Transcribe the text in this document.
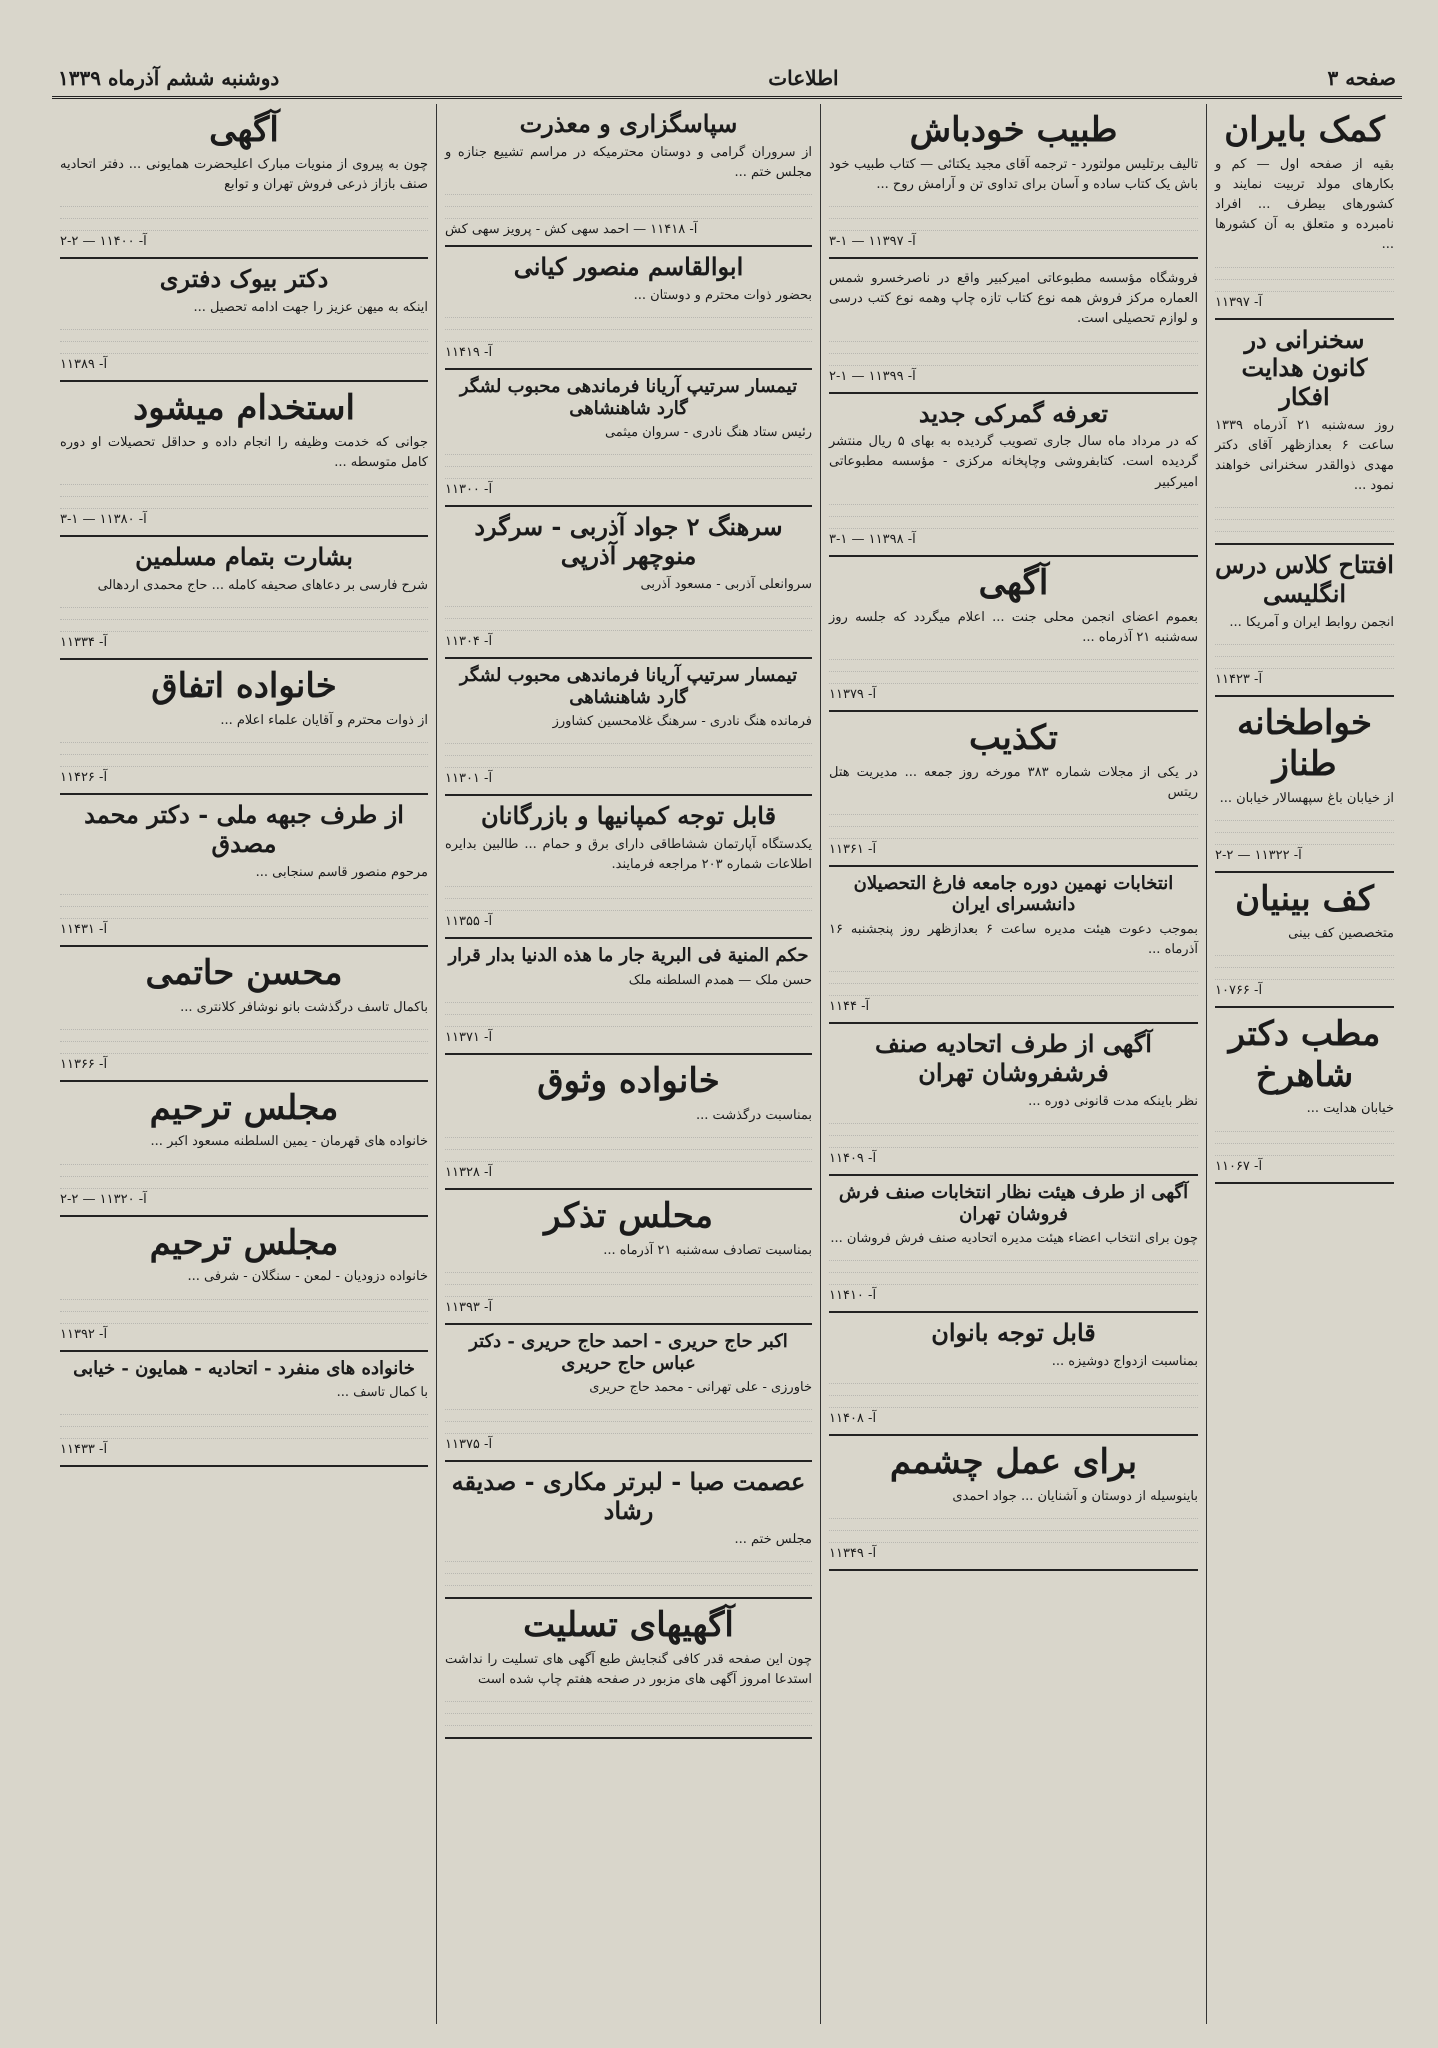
صفحه ۳
اطلاعات
دوشنبه ششم آذرماه ۱۳۳۹
کمک بایران
بقیه از صفحه اول — کم و بکارهای مولد تربیت نمایند و کشورهای بیطرف ... افراد نامبرده و متعلق به آن کشورها ...
آ- ۱۱۳۹۷
سخنرانی در کانون هدایت افکار
روز سه‌شنبه ۲۱ آذرماه ۱۳۳۹ ساعت ۶ بعدازظهر آقای دکتر مهدی ذوالقدر سخنرانی خواهند نمود ...
افتتاح کلاس درس انگلیسی
انجمن روابط ایران و آمریکا ...
آ- ۱۱۴۲۳
خواطخانه طناز
از خیابان باغ سپهسالار خیابان ...
آ- ۱۱۳۲۲ — ۲-۲
کف بینیان
متخصصین کف بینی
آ- ۱۰۷۶۶
مطب دکتر شاهرخ
خیابان هدایت ...
آ- ۱۱۰۶۷
طبیب خودباش
تالیف برتلیس مولتورد - ترجمه آقای مجید یکتائی — کتاب طبیب خود باش یک کتاب ساده و آسان برای تداوی تن و آرامش روح ...
آ- ۱۱۳۹۷ — ۱-۳
فروشگاه مؤسسه مطبوعاتی امیرکبیر واقع در ناصرخسرو شمس العماره مرکز فروش همه نوع کتاب تازه چاپ وهمه نوع کتب درسی و لوازم تحصیلی است.
آ- ۱۱۳۹۹ — ۱-۲
تعرفه گمرکی جدید
که در مرداد ماه سال جاری تصویب گردیده به بهای ۵ ریال منتشر گردیده است. کتابفروشی وچاپخانه مرکزی - مؤسسه مطبوعاتی امیرکبیر
آ- ۱۱۳۹۸ — ۱-۳
آگهی
بعموم اعضای انجمن محلی جنت ... اعلام میگردد که جلسه روز سه‌شنبه ۲۱ آذرماه ...
آ- ۱۱۳۷۹
تکذیب
در یکی از مجلات شماره ۳۸۳ مورخه روز جمعه ... مدیریت هتل ریتس
آ- ۱۱۳۶۱
انتخابات نهمین دوره جامعه فارغ التحصیلان دانشسرای ایران
بموجب دعوت هیئت مدیره ساعت ۶ بعدازظهر روز پنجشنبه ۱۶ آذرماه ...
آ- ۱۱۴۴
آگهی از طرف اتحادیه صنف فرشفروشان تهران
نظر باینکه مدت قانونی دوره ...
آ- ۱۱۴۰۹
آگهی از طرف هیئت نظار انتخابات صنف فرش فروشان تهران
چون برای انتخاب اعضاء هیئت مدیره اتحادیه صنف فرش فروشان ...
آ- ۱۱۴۱۰
قابل توجه بانوان
بمناسبت ازدواج دوشیزه ...
آ- ۱۱۴۰۸
برای عمل چشمم
باینوسیله از دوستان و آشنایان ... جواد احمدی
آ- ۱۱۳۴۹
سپاسگزاری و معذرت
از سروران گرامی و دوستان محترمیکه در مراسم تشییع جنازه و مجلس ختم ...
آ- ۱۱۴۱۸ — احمد سهی کش - پرویز سهی کش
ابوالقاسم منصور کیانی
بحضور ذوات محترم و دوستان ...
آ- ۱۱۴۱۹
تیمسار سرتیپ آریانا فرماندهی محبوب لشگر گارد شاهنشاهی
رئیس ستاد هنگ نادری - سروان میثمی
آ- ۱۱۳۰۰
سرهنگ ۲ جواد آذربی - سرگرد منوچهر آذرپی
سروانعلی آذربی - مسعود آذربی
آ- ۱۱۳۰۴
تیمسار سرتیپ آریانا فرماندهی محبوب لشگر گارد شاهنشاهی
فرمانده هنگ نادری - سرهنگ غلامحسین کشاورز
آ- ۱۱۳۰۱
قابل توجه کمپانیها و بازرگانان
یکدستگاه آپارتمان ششاطاقی دارای برق و حمام ... طالبین بدایره اطلاعات شماره ۲۰۳ مراجعه فرمایند.
آ- ۱۱۳۵۵
حکم المنیة فی البریة جار ما هذه الدنیا بدار قرار
حسن ملک — همدم السلطنه ملک
آ- ۱۱۳۷۱
خانواده وثوق
بمناسبت درگذشت ...
آ- ۱۱۳۲۸
محلس تذکر
بمناسبت تصادف سه‌شنبه ۲۱ آذرماه ...
آ- ۱۱۳۹۳
اکبر حاج حریری - احمد حاج حریری - دکتر عباس حاج حریری
خاورزی - علی تهرانی - محمد حاج حریری
آ- ۱۱۳۷۵
عصمت صبا - لبرتر مکاری - صدیقه رشاد
مجلس ختم ...
آگهیهای تسلیت
چون این صفحه قدر کافی گنجایش طبع آگهی های تسلیت را نداشت استدعا امروز آگهی های مزبور در صفحه هفتم چاپ شده است
آگهی
چون به پیروی از منویات مبارک اعلیحضرت همایونی ... دفتر اتحادیه صنف بازاز ذرعی فروش تهران و توابع
آ- ۱۱۴۰۰ — ۲-۲
دکتر بیوک دفتری
اینکه به میهن عزیز را جهت ادامه تحصیل ...
آ- ۱۱۳۸۹
استخدام میشود
جوانی که خدمت وظیفه را انجام داده و حداقل تحصیلات او دوره کامل متوسطه ...
آ- ۱۱۳۸۰ — ۱-۳
بشارت بتمام مسلمین
شرح فارسی بر دعاهای صحیفه کامله ... حاج محمدی اردهالی
آ- ۱۱۳۳۴
خانواده اتفاق
از ذوات محترم و آقایان علماء اعلام ...
آ- ۱۱۴۲۶
از طرف جبهه ملی - دکتر محمد مصدق
مرحوم منصور قاسم سنجابی ...
آ- ۱۱۴۳۱
محسن حاتمی
باکمال تاسف درگذشت بانو نوشافر کلانتری ...
آ- ۱۱۳۶۶
مجلس ترحیم
خانواده های قهرمان - یمین السلطنه مسعود اکبر ...
آ- ۱۱۳۲۰ — ۲-۲
مجلس ترحیم
خانواده دزودیان - لمعن - سنگلان - شرفی ...
آ- ۱۱۳۹۲
خانواده های منفرد - اتحادیه - همایون - خیابی
با کمال تاسف ...
آ- ۱۱۴۳۳
